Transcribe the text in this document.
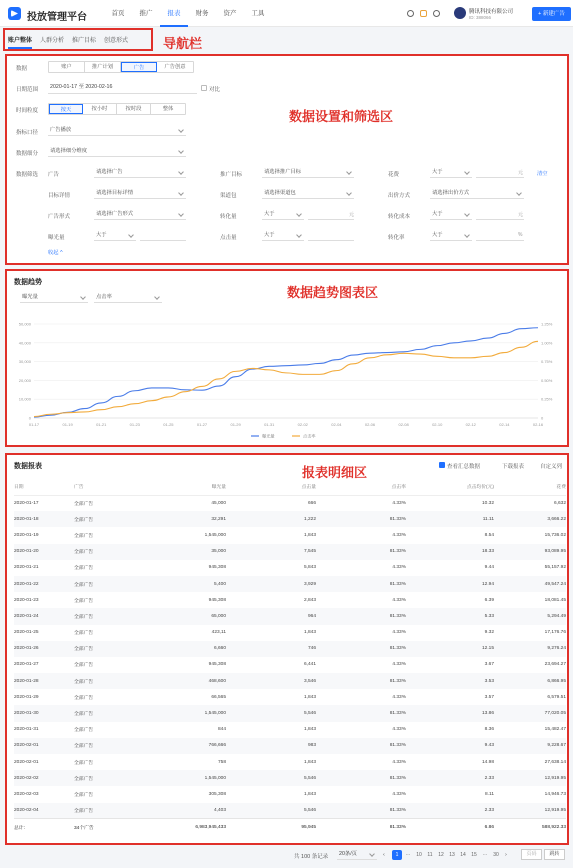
投放管理平台	首页	推广	报表	财务	资产	工具	腾讯科技有限公司
ID: 388066
+ 新建广告
账户整体 人群分析 推广目标 创意形式	导航栏
数据	账户	推广计划	广告	广告创意
日期范围	2020-01-17 至 2020-02-16	对比
时间粒度	按天	按小时	按时段	整体
指标口径	广告播放
数据细分	请选择细分维度
数据筛选 广告	请选择广告	推广目标	请选择推广目标	花费	大于	元	清空
目标详情	请选择目标详情	渠道包	请选择渠道包	出价方式	请选择出价方式
广告形式	请选择广告形式	转化量	大于	元	转化成本	大于	元
曝光量	大于	点击量	大于	转化率	大于	%
收起 ^
数据设置和筛选区
数据趋势
曝光量	点击率
0	0
10,000	0.25%
20,000	0.50%
30,000	0.75%
40,000	1.00%
50,000	1.25%
01-17	01-19	01-21	01-23	01-25	01-27	01-29	01-31	02-02	02-04	02-06	02-08	02-10	02-12	02-14	02-16
曝光量	点击率
数据趋势图表区
数据报表	查看汇总数据	下载报表	自定义列
日期	广告	曝光量	点击量	点击率	点击均价(元)	花费
2020-01-17	全部广告	45,000	666	4.33%	10.32	6,632
2020-01-18	全部广告	32,291	1,222	81.33%	11.11	3,666.22
2020-01-19	全部广告	1,545,000	1,843	4.33%	8.54	15,736.02
2020-01-20	全部广告	35,000	7,545	81.33%	18.33	93,089.95
2020-01-21	全部广告	945,308	5,843	4.33%	9.44	55,157.92
2020-01-22	全部广告	5,400	3,929	81.33%	12.94	49,547.24
2020-01-23	全部广告	945,308	2,843	4.33%	6.39	18,081.45
2020-01-24	全部广告	65,000	964	81.33%	5.33	5,294.49
2020-01-25	全部广告	423,11	1,843	4.33%	9.32	17,176.76
2020-01-26	全部广告	6,660	746	81.33%	12.15	9,276.24
2020-01-27	全部广告	945,308	6,441	4.33%	3.67	23,694.27
2020-01-28	全部广告	468,600	3,546	81.33%	3.53	6,866.95
2020-01-29	全部广告	66,565	1,843	4.33%	3.57	6,579.51
2020-01-30	全部广告	1,545,000	5,546	81.33%	13.86	77,020.05
2020-01-31	全部广告	844	1,843	4.33%	8.36	15,482.47
2020-02-01	全部广告	766,666	983	81.33%	9.43	9,228.67
2020-02-01	全部广告	758	1,843	4.33%	14.98	27,638.14
2020-02-02	全部广告	1,545,000	5,546	81.33%	2.33	12,919.95
2020-02-03	全部广告	305,308	1,843	4.33%	8.11	14,946.73
2020-02-04	全部广告	4,403	5,546	81.33%	2.33	12,919.95
总计:	34个广告	6,983,945,433	95,945	81.33%	6.86	588,922.33
报表明细区
共 100 条记录	20条/页	‹	1	···	10	11	12	13	14	15	···	30	›	页码	跳转
